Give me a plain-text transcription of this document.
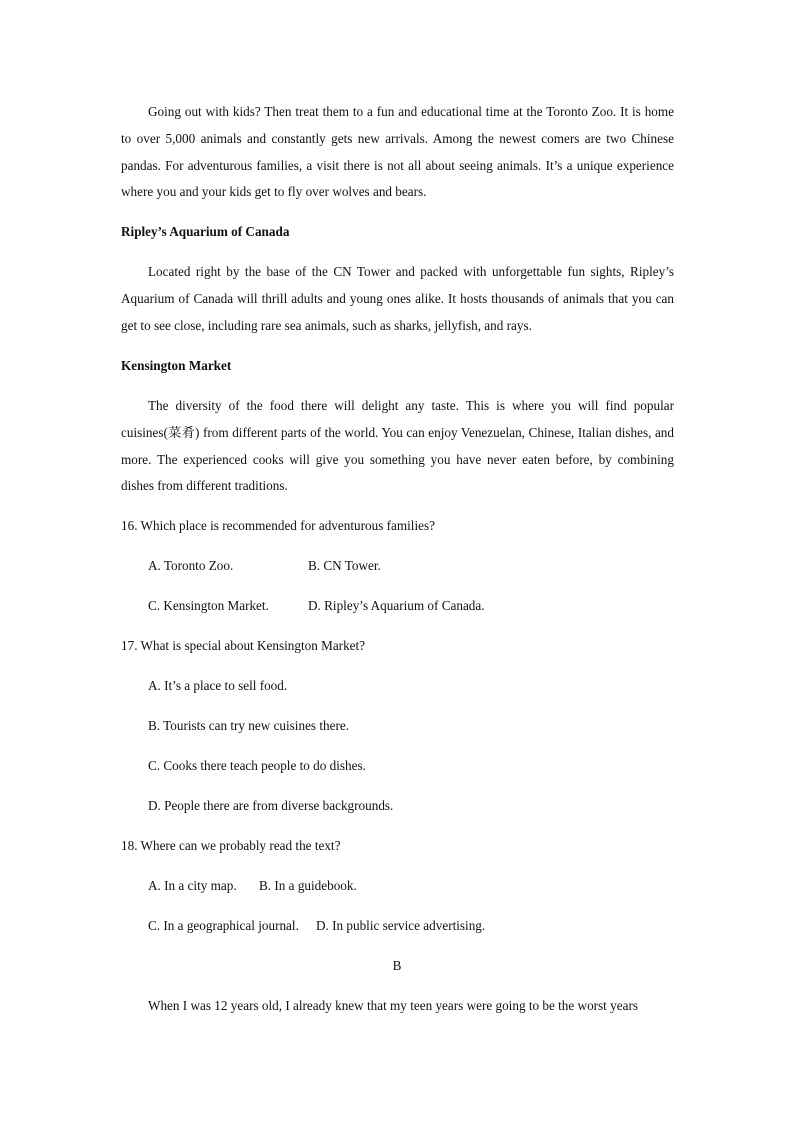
Going out with kids? Then treat them to a fun and educational time at the Toronto Zoo. It is home to over 5,000 animals and constantly gets new arrivals. Among the newest comers are two Chinese pandas. For adventurous families, a visit there is not all about seeing animals. It’s a unique experience where you and your kids get to fly over wolves and bears.

Ripley’s Aquarium of Canada

Located right by the base of the CN Tower and packed with unforgettable fun sights, Ripley’s Aquarium of Canada will thrill adults and young ones alike. It hosts thousands of animals that you can get to see close, including rare sea animals, such as sharks, jellyfish, and rays.

Kensington Market

The diversity of the food there will delight any taste. This is where you will find popular cuisines(菜肴) from different parts of the world. You can enjoy Venezuelan, Chinese, Italian dishes, and more. The experienced cooks will give you something you have never eaten before, by combining dishes from different traditions.

16. Which place is recommended for adventurous families?

A. Toronto Zoo.	B. CN Tower.

C. Kensington Market.	D. Ripley’s Aquarium of Canada.

17. What is special about Kensington Market?

A. It’s a place to sell food.

B. Tourists can try new cuisines there.

C. Cooks there teach people to do dishes.

D. People there are from diverse backgrounds.

18. Where can we probably read the text?

A. In a city map. B. In a guidebook.

C. In a geographical journal. D. In public service advertising.

B

When I was 12 years old, I already knew that my teen years were going to be the worst years
